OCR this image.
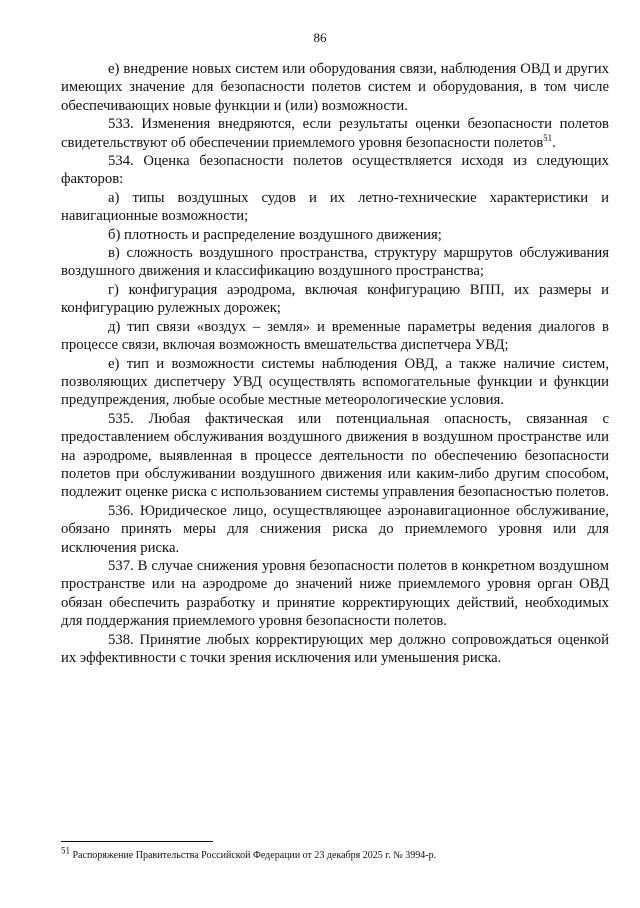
86

е) внедрение новых систем или оборудования связи, наблюдения ОВД и других имеющих значение для безопасности полетов систем и оборудования, в том числе обеспечивающих новые функции и (или) возможности.

533. Изменения внедряются, если результаты оценки безопасности полетов свидетельствуют об обеспечении приемлемого уровня безопасности полетов$^{51}$.

534. Оценка безопасности полетов осуществляется исходя из следующих факторов:

а) типы воздушных судов и их летно-технические характеристики и навигационные возможности;

б) плотность и распределение воздушного движения;

в) сложность воздушного пространства, структуру маршрутов обслуживания воздушного движения и классификацию воздушного пространства;

г) конфигурация аэродрома, включая конфигурацию ВПП, их размеры и конфигурацию рулежных дорожек;

д) тип связи «воздух – земля» и временные параметры ведения диалогов в процессе связи, включая возможность вмешательства диспетчера УВД;

е) тип и возможности системы наблюдения ОВД, а также наличие систем, позволяющих диспетчеру УВД осуществлять вспомогательные функции и функции предупреждения, любые особые местные метеорологические условия.

535. Любая фактическая или потенциальная опасность, связанная с предоставлением обслуживания воздушного движения в воздушном пространстве или на аэродроме, выявленная в процессе деятельности по обеспечению безопасности полетов при обслуживании воздушного движения или каким-либо другим способом, подлежит оценке риска с использованием системы управления безопасностью полетов.

536. Юридическое лицо, осуществляющее аэронавигационное обслуживание, обязано принять меры для снижения риска до приемлемого уровня или для исключения риска.

537. В случае снижения уровня безопасности полетов в конкретном воздушном пространстве или на аэродроме до значений ниже приемлемого уровня орган ОВД обязан обеспечить разработку и принятие корректирующих действий, необходимых для поддержания приемлемого уровня безопасности полетов.

538. Принятие любых корректирующих мер должно сопровождаться оценкой их эффективности с точки зрения исключения или уменьшения риска.

$^{51}$ Распоряжение Правительства Российской Федерации от 23 декабря 2025 г. № 3994-р.
